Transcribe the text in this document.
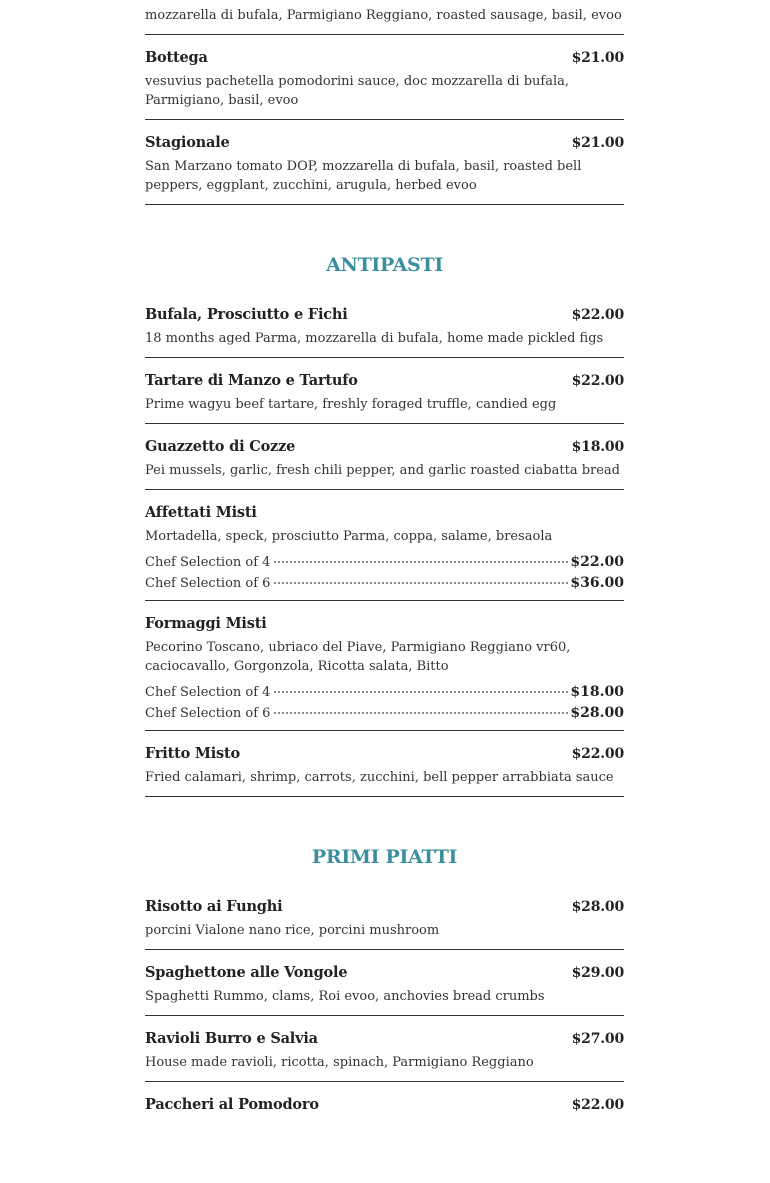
mozzarella di bufala, Parmigiano Reggiano, roasted sausage, basil, evoo
Bottega	$21.00
vesuvius pachetella pomodorini sauce, doc mozzarella di bufala, Parmigiano, basil, evoo
Stagionale	$21.00
San Marzano tomato DOP, mozzarella di bufala, basil, roasted bell peppers, eggplant, zucchini, arugula, herbed evoo
ANTIPASTI
Bufala, Prosciutto e Fichi	$22.00
18 months aged Parma, mozzarella di bufala, home made pickled figs
Tartare di Manzo e Tartufo	$22.00
Prime wagyu beef tartare, freshly foraged truffle, candied egg
Guazzetto di Cozze	$18.00
Pei mussels, garlic, fresh chili pepper, and garlic roasted ciabatta bread
Affettati Misti
Mortadella, speck, prosciutto Parma, coppa, salame, bresaola
Chef Selection of 4	$22.00
Chef Selection of 6	$36.00
Formaggi Misti
Pecorino Toscano, ubriaco del Piave, Parmigiano Reggiano vr60, caciocavallo, Gorgonzola, Ricotta salata, Bitto
Chef Selection of 4	$18.00
Chef Selection of 6	$28.00
Fritto Misto	$22.00
Fried calamari, shrimp, carrots, zucchini, bell pepper arrabbiata sauce
PRIMI PIATTI
Risotto ai Funghi	$28.00
porcini Vialone nano rice, porcini mushroom
Spaghettone alle Vongole	$29.00
Spaghetti Rummo, clams, Roi evoo, anchovies bread crumbs
Ravioli Burro e Salvia	$27.00
House made ravioli, ricotta, spinach, Parmigiano Reggiano
Paccheri al Pomodoro	$22.00
